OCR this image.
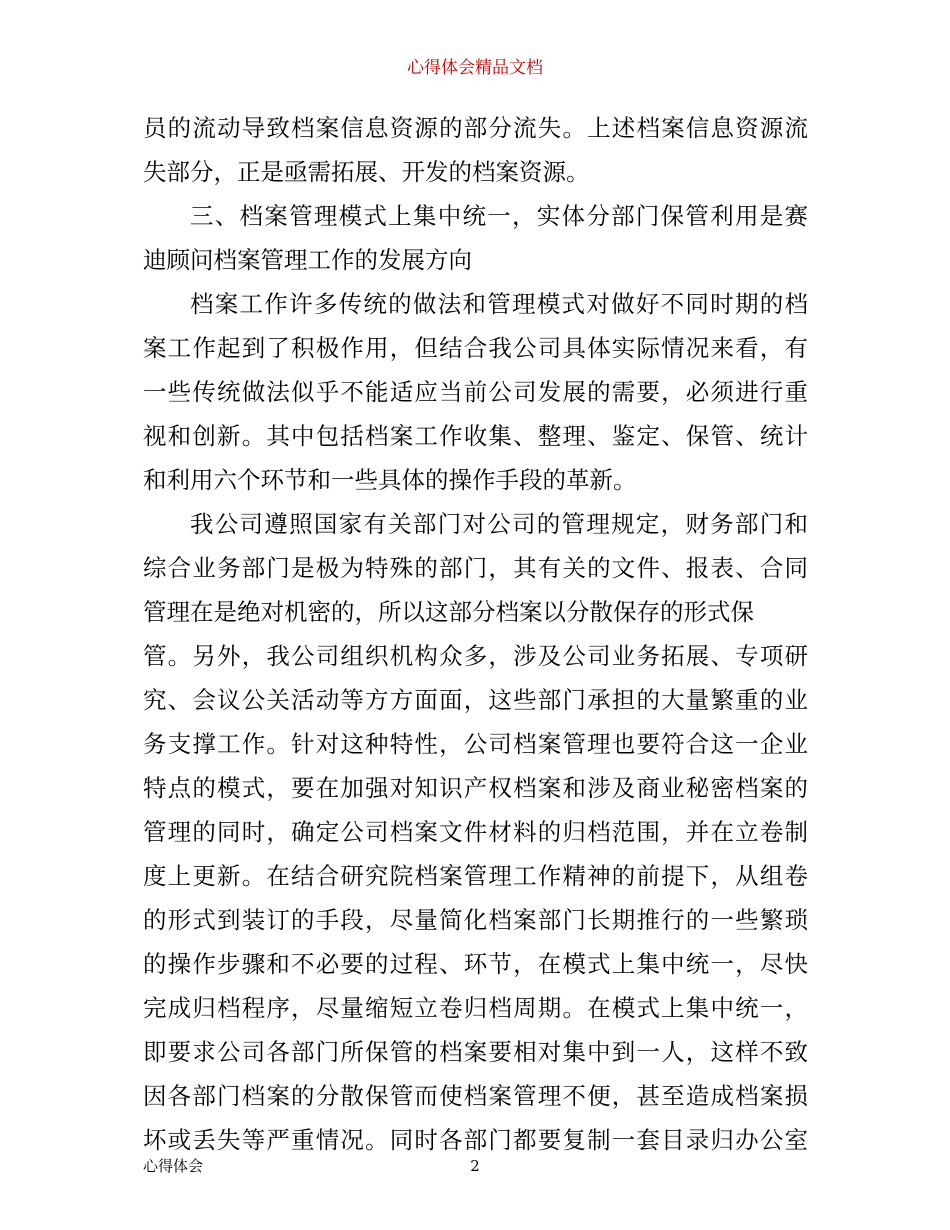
心得体会精品文档
员的流动导致档案信息资源的部分流失。上述档案信息资源流
失部分，正是亟需拓展、开发的档案资源。
三、档案管理模式上集中统一，实体分部门保管利用是赛
迪顾问档案管理工作的发展方向
档案工作许多传统的做法和管理模式对做好不同时期的档
案工作起到了积极作用，但结合我公司具体实际情况来看，有
一些传统做法似乎不能适应当前公司发展的需要，必须进行重
视和创新。其中包括档案工作收集、整理、鉴定、保管、统计
和利用六个环节和一些具体的操作手段的革新。
我公司遵照国家有关部门对公司的管理规定，财务部门和
综合业务部门是极为特殊的部门，其有关的文件、报表、合同
管理在是绝对机密的，所以这部分档案以分散保存的形式保
管。另外，我公司组织机构众多，涉及公司业务拓展、专项研
究、会议公关活动等方方面面，这些部门承担的大量繁重的业
务支撑工作。针对这种特性，公司档案管理也要符合这一企业
特点的模式，要在加强对知识产权档案和涉及商业秘密档案的
管理的同时，确定公司档案文件材料的归档范围，并在立卷制
度上更新。在结合研究院档案管理工作精神的前提下，从组卷
的形式到装订的手段，尽量简化档案部门长期推行的一些繁琐
的操作步骤和不必要的过程、环节，在模式上集中统一，尽快
完成归档程序，尽量缩短立卷归档周期。在模式上集中统一，
即要求公司各部门所保管的档案要相对集中到一人，这样不致
因各部门档案的分散保管而使档案管理不便，甚至造成档案损
坏或丢失等严重情况。同时各部门都要复制一套目录归办公室
心得体会	2
